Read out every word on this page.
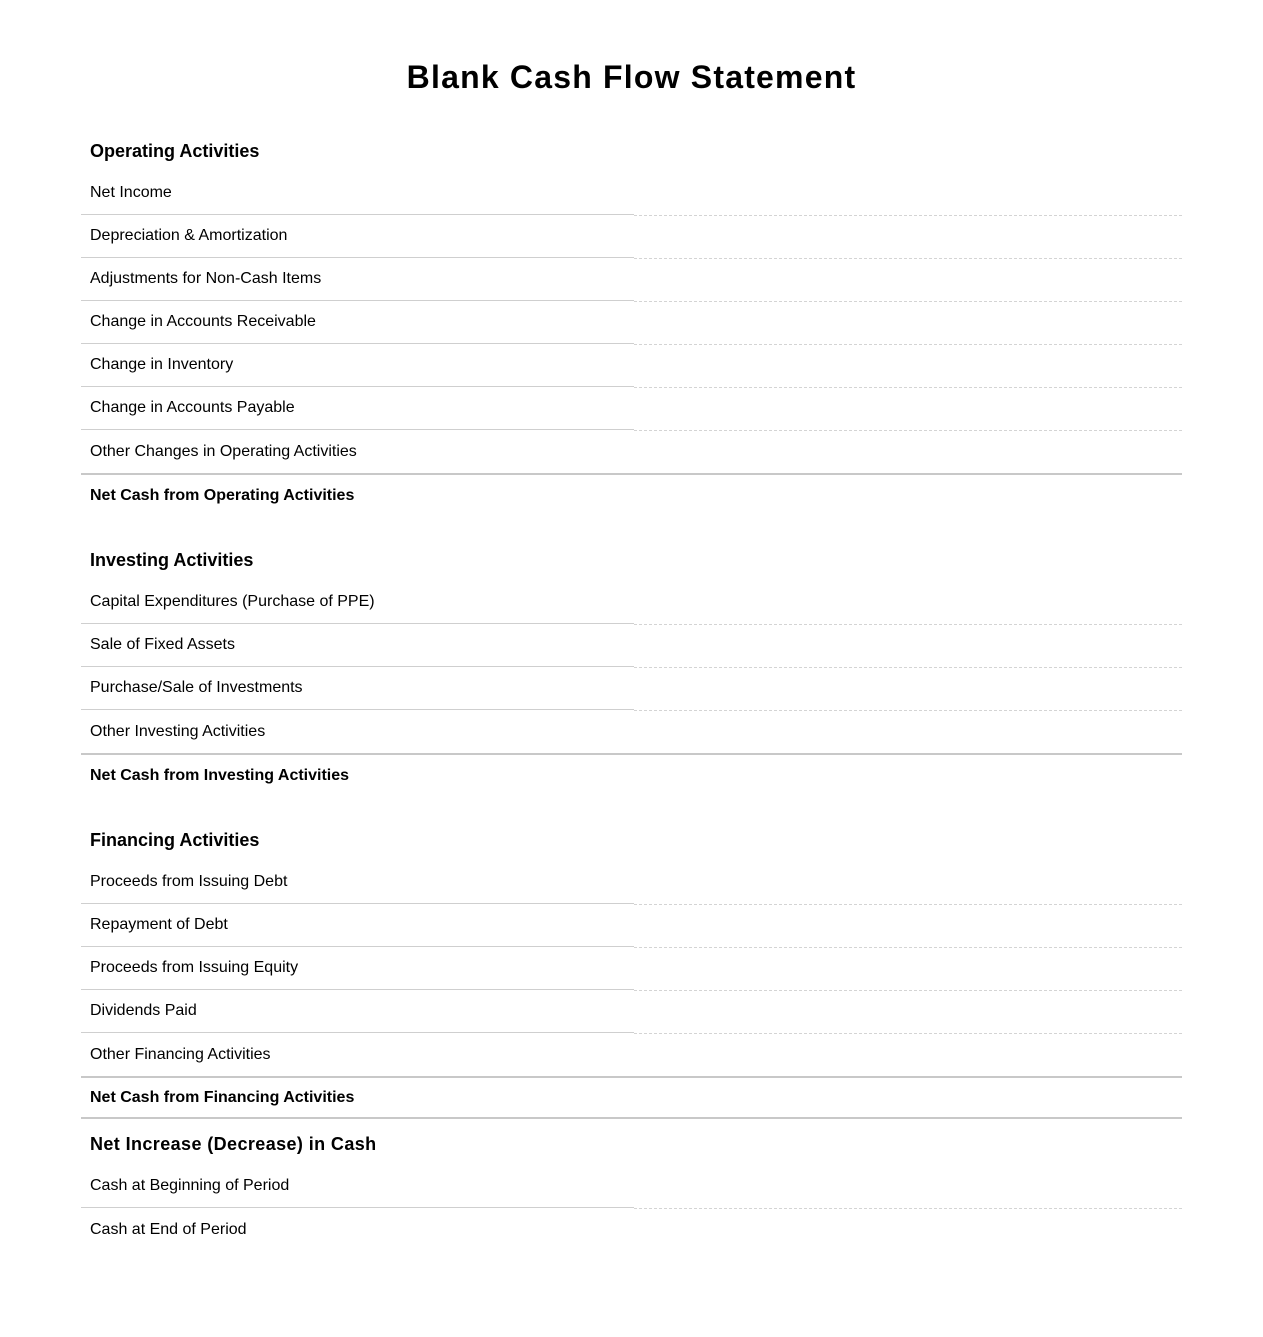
Blank Cash Flow Statement
Operating Activities
Net Income
Depreciation & Amortization
Adjustments for Non-Cash Items
Change in Accounts Receivable
Change in Inventory
Change in Accounts Payable
Other Changes in Operating Activities
Net Cash from Operating Activities
Investing Activities
Capital Expenditures (Purchase of PPE)
Sale of Fixed Assets
Purchase/Sale of Investments
Other Investing Activities
Net Cash from Investing Activities
Financing Activities
Proceeds from Issuing Debt
Repayment of Debt
Proceeds from Issuing Equity
Dividends Paid
Other Financing Activities
Net Cash from Financing Activities
Net Increase (Decrease) in Cash
Cash at Beginning of Period
Cash at End of Period
